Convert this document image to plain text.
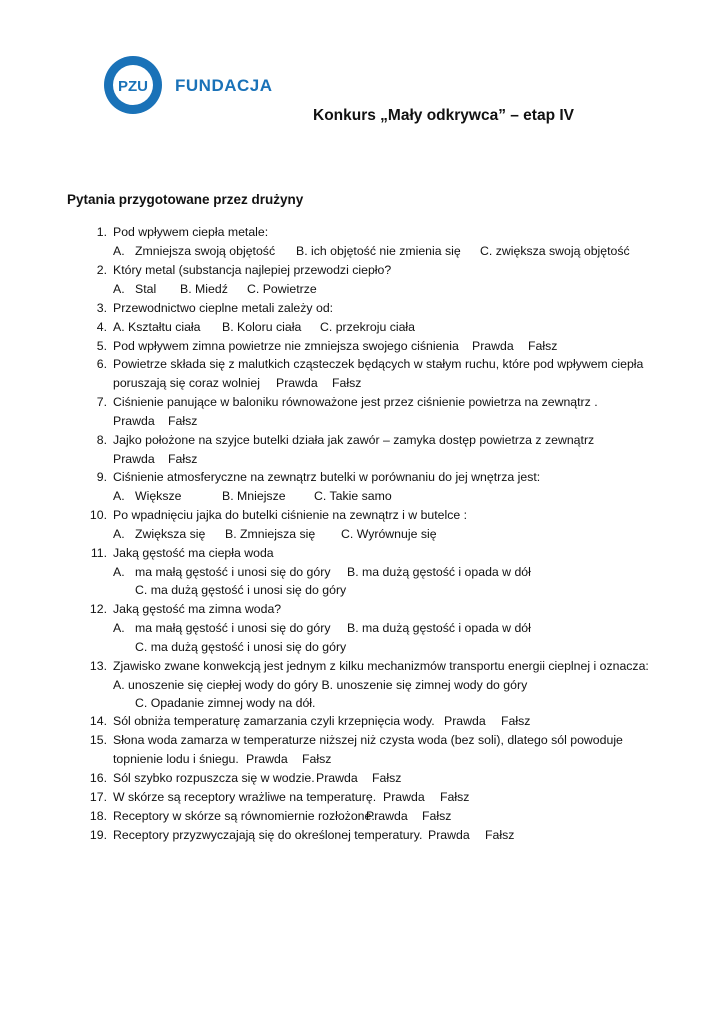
PZU FUNDACJA
Konkurs „Mały odkrywca” – etap IV
Pytania przygotowane przez drużyny
1. Pod wpływem ciepła metale:
A. Zmniejsza swoją objętość B. ich objętość nie zmienia się C. zwiększa swoją objętość
2. Który metal (substancja najlepiej przewodzi ciepło?
A. Stal B. Miedź C. Powietrze
3. Przewodnictwo cieplne metali zależy od:
4. A. Kształtu ciała B. Koloru ciała C. przekroju ciała
5. Pod wpływem zimna powietrze nie zmniejsza swojego ciśnienia Prawda Fałsz
6. Powietrze składa się z malutkich cząsteczek będących w stałym ruchu, które pod wpływem ciepła
poruszają się coraz wolniej Prawda Fałsz
7. Ciśnienie panujące w baloniku równoważone jest przez ciśnienie powietrza na zewnątrz .
Prawda Fałsz
8. Jajko położone na szyjce butelki działa jak zawór – zamyka dostęp powietrza z zewnątrz
Prawda Fałsz
9. Ciśnienie atmosferyczne na zewnątrz butelki w porównaniu do jej wnętrza jest:
A. Większe	B. Mniejsze C. Takie samo
10. Po wpadnięciu jajka do butelki ciśnienie na zewnątrz i w butelce :
A. Zwiększa się B. Zmniejsza się C. Wyrównuje się
11. Jaką gęstość ma ciepła woda
A. ma małą gęstość i unosi się do góry B. ma dużą gęstość i opada w dół
C. ma dużą gęstość i unosi się do góry
12. Jaką gęstość ma zimna woda?
A. ma małą gęstość i unosi się do góry B. ma dużą gęstość i opada w dół
C. ma dużą gęstość i unosi się do góry
13. Zjawisko zwane konwekcją jest jednym z kilku mechanizmów transportu energii cieplnej i oznacza:
A. unoszenie się ciepłej wody do góry B. unoszenie się zimnej wody do góry
C. Opadanie zimnej wody na dół.
14. Sól obniża temperaturę zamarzania czyli krzepnięcia wody. Prawda Fałsz
15. Słona woda zamarza w temperaturze niższej niż czysta woda (bez soli), dlatego sól powoduje
topnienie lodu i śniegu. Prawda Fałsz
16. Sól szybko rozpuszcza się w wodzie. Prawda Fałsz
17. W skórze są receptory wrażliwe na temperaturę. Prawda Fałsz
18. Receptory w skórze są równomiernie rozłożone.
Prawda Fałsz
19. Receptory przyzwyczajają się do określonej temperatury. Prawda Fałsz
